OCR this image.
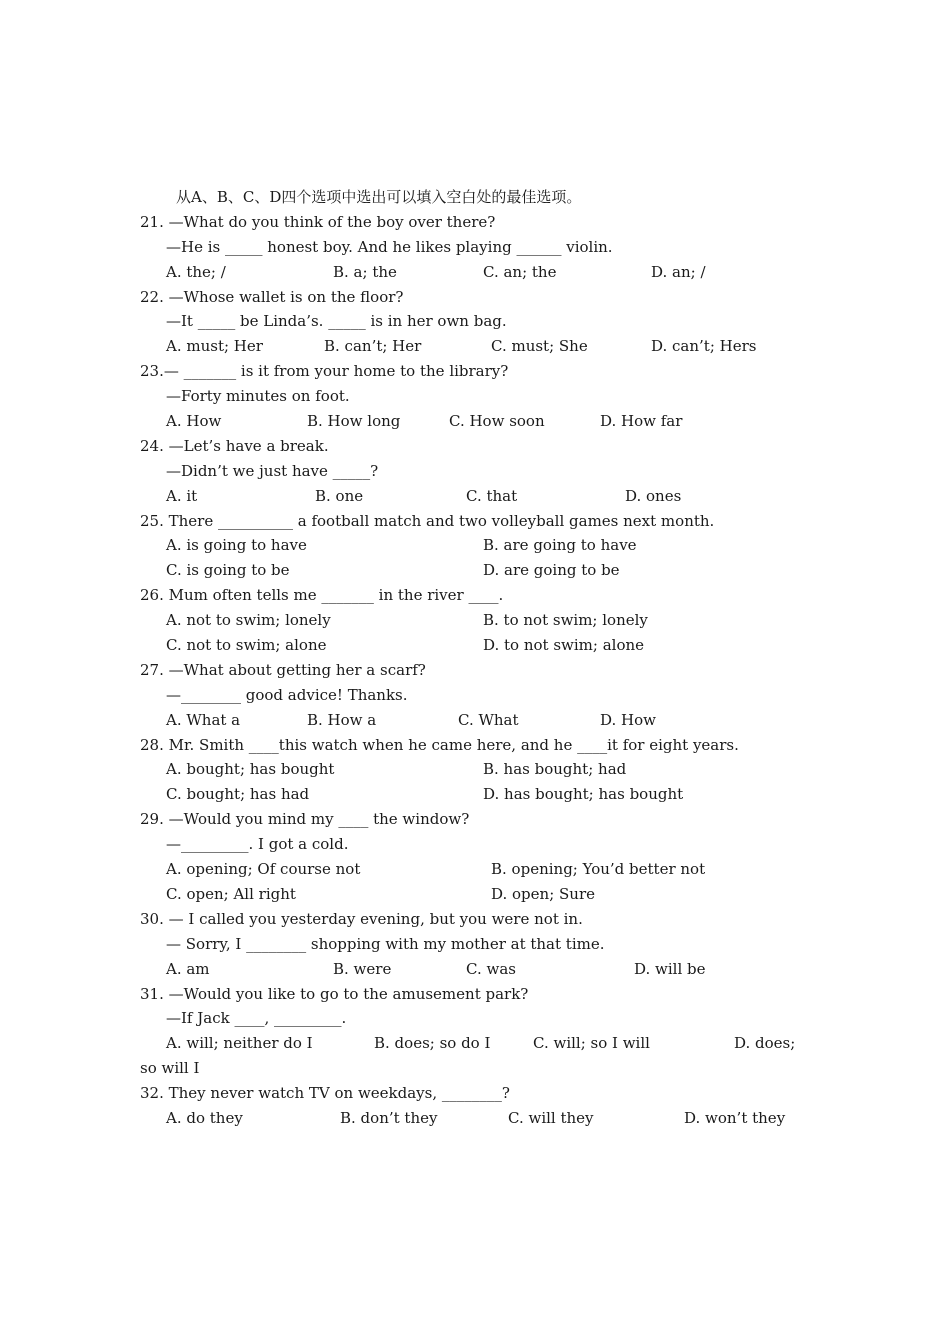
从A、B、C、D四个选项中选出可以填入空白处的最佳选项。
21. —What do you think of the boy over there?
—He is _____ honest boy. And he likes playing ______ violin.
A. the; /	B. a; the	C. an; the	D. an; /
22. —Whose wallet is on the floor?
—It _____ be Linda’s. _____ is in her own bag.
A. must; Her	B. can’t; Her	C. must; She	D. can’t; Hers
23.— _______ is it from your home to the library?
—Forty minutes on foot.
A. How	B. How long	C. How soon	D. How far
24. —Let’s have a break.
—Didn’t we just have _____?
A. it	B. one	C. that	D. ones
25. There __________ a football match and two volleyball games next month.
A. is going to have	B. are going to have
C. is going to be	D. are going to be
26. Mum often tells me _______ in the river ____.
A. not to swim; lonely	B. to not swim; lonely
C. not to swim; alone	D. to not swim; alone
27. —What about getting her a scarf?
—________ good advice! Thanks.
A. What a	B. How a	C. What	D. How
28. Mr. Smith ____this watch when he came here, and he ____it for eight years.
A. bought; has bought	B. has bought; had
C. bought; has had	D. has bought; has bought
29. —Would you mind my ____ the window?
—_________. I got a cold.
A. opening; Of course not	B. opening; You’d better not
C. open; All right	D. open; Sure
30. — I called you yesterday evening, but you were not in.
— Sorry, I ________ shopping with my mother at that time.
A. am	B. were	C. was	D. will be
31. —Would you like to go to the amusement park?
—If Jack ____, _________.
A. will; neither do I	B. does; so do I	C. will; so I will	D. does;
so will I
32. They never watch TV on weekdays, ________?
A. do they	B. don’t they	C. will they	D. won’t they
